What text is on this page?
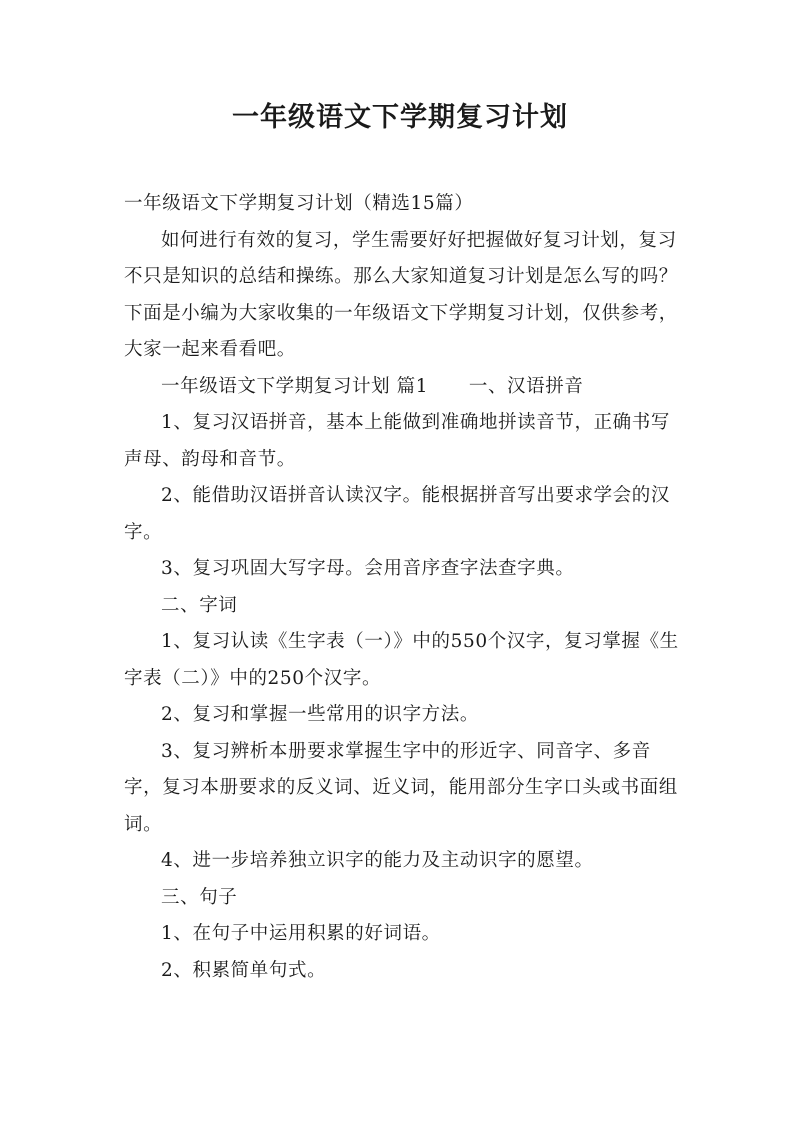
一年级语文下学期复习计划

一年级语文下学期复习计划（精选15篇）

如何进行有效的复习，学生需要好好把握做好复习计划，复习不只是知识的总结和操练。那么大家知道复习计划是怎么写的吗？下面是小编为大家收集的一年级语文下学期复习计划，仅供参考，大家一起来看看吧。

一年级语文下学期复习计划 篇1 一、汉语拼音

1、复习汉语拼音，基本上能做到准确地拼读音节，正确书写声母、韵母和音节。

2、能借助汉语拼音认读汉字。能根据拼音写出要求学会的汉字。

3、复习巩固大写字母。会用音序查字法查字典。

二、字词

1、复习认读《生字表（一）》中的550个汉字，复习掌握《生字表（二）》中的250个汉字。

2、复习和掌握一些常用的识字方法。

3、复习辨析本册要求掌握生字中的形近字、同音字、多音字，复习本册要求的反义词、近义词，能用部分生字口头或书面组词。

4、进一步培养独立识字的能力及主动识字的愿望。

三、句子

1、在句子中运用积累的好词语。

2、积累简单句式。
